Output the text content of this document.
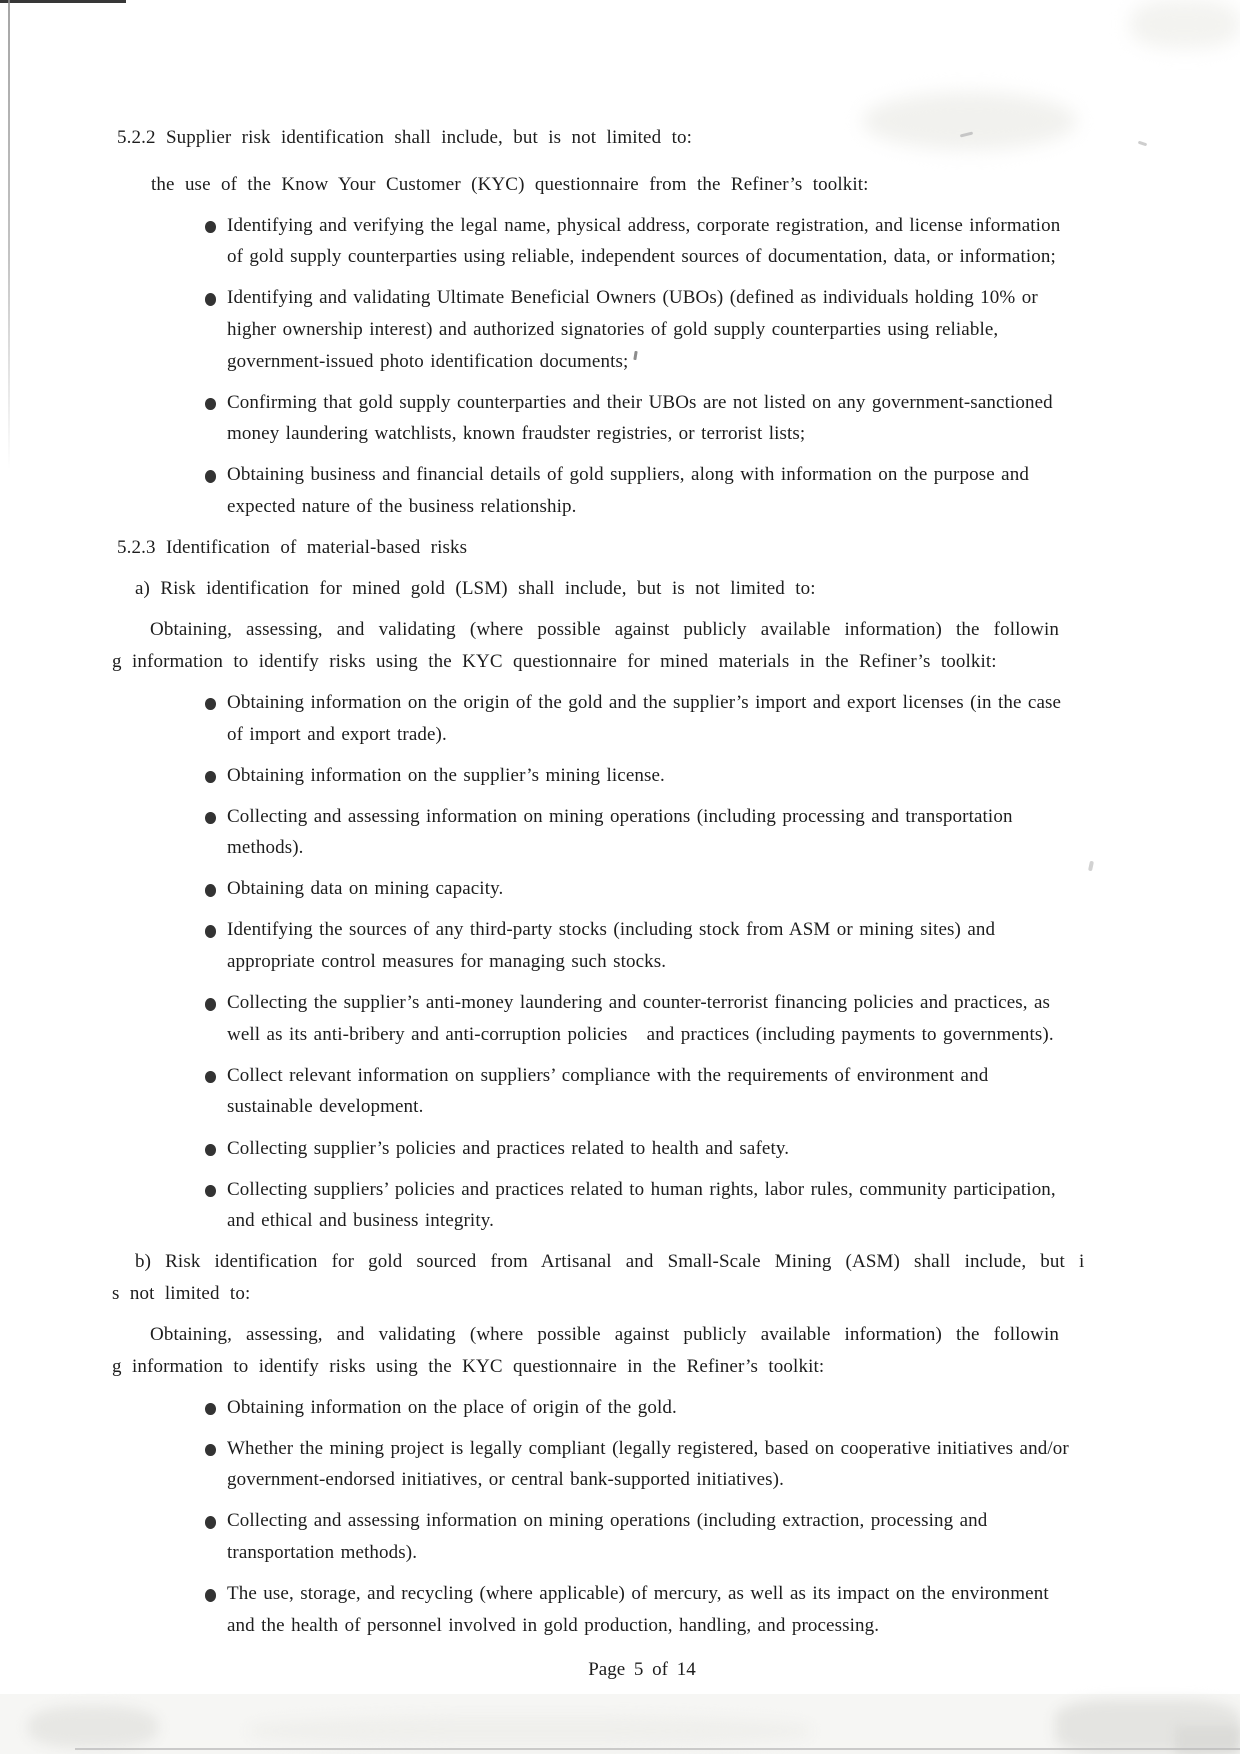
5.2.2 Supplier risk identification shall include, but is not limited to:
the use of the Know Your Customer (KYC) questionnaire from the Refiner’s toolkit:
Identifying and verifying the legal name, physical address, corporate registration, and license information
of gold supply counterparties using reliable, independent sources of documentation, data, or information;
Identifying and validating Ultimate Beneficial Owners (UBOs) (defined as individuals holding 10% or
higher ownership interest) and authorized signatories of gold supply counterparties using reliable,
government-issued photo identification documents;
Confirming that gold supply counterparties and their UBOs are not listed on any government-sanctioned
money laundering watchlists, known fraudster registries, or terrorist lists;
Obtaining business and financial details of gold suppliers, along with information on the purpose and
expected nature of the business relationship.
5.2.3 Identification of material-based risks
a) Risk identification for mined gold (LSM) shall include, but is not limited to:
Obtaining, assessing, and validating (where possible against publicly available information) the followin
g information to identify risks using the KYC questionnaire for mined materials in the Refiner’s toolkit:
Obtaining information on the origin of the gold and the supplier’s import and export licenses (in the case
of import and export trade).
Obtaining information on the supplier’s mining license.
Collecting and assessing information on mining operations (including processing and transportation
methods).
Obtaining data on mining capacity.
Identifying the sources of any third-party stocks (including stock from ASM or mining sites) and
appropriate control measures for managing such stocks.
Collecting the supplier’s anti-money laundering and counter-terrorist financing policies and practices, as
well as its anti-bribery and anti-corruption policies   and practices (including payments to governments).
Collect relevant information on suppliers’ compliance with the requirements of environment and
sustainable development.
Collecting supplier’s policies and practices related to health and safety.
Collecting suppliers’ policies and practices related to human rights, labor rules, community participation,
and ethical and business integrity.
b) Risk identification for gold sourced from Artisanal and Small-Scale Mining (ASM) shall include, but i
s not limited to:
Obtaining, assessing, and validating (where possible against publicly available information) the followin
g information to identify risks using the KYC questionnaire in the Refiner’s toolkit:
Obtaining information on the place of origin of the gold.
Whether the mining project is legally compliant (legally registered, based on cooperative initiatives and/or
government-endorsed initiatives, or central bank-supported initiatives).
Collecting and assessing information on mining operations (including extraction, processing and
transportation methods).
The use, storage, and recycling (where applicable) of mercury, as well as its impact on the environment
and the health of personnel involved in gold production, handling, and processing.
Page 5 of 14
